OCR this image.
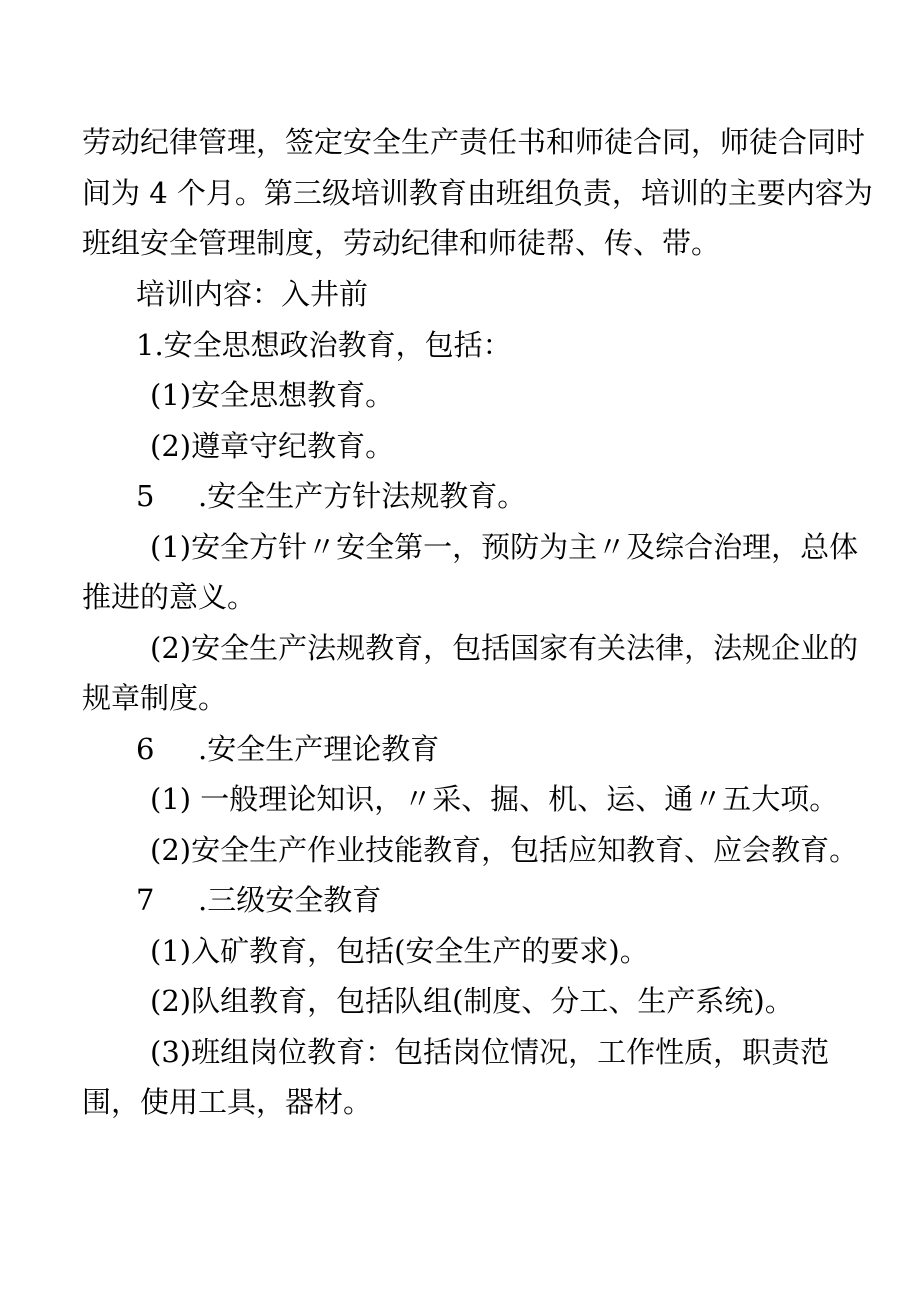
劳动纪律管理，签定安全生产责任书和师徒合同，师徒合同时
间为 4 个月。第三级培训教育由班组负责，培训的主要内容为
班组安全管理制度，劳动纪律和师徒帮、传、带。
培训内容：入井前
1.安全思想政治教育，包括：
(1)安全思想教育。
(2)遵章守纪教育。
5 .安全生产方针法规教育。
(1)安全方针〃安全第一，预防为主〃及综合治理，总体
推进的意义。
(2)安全生产法规教育，包括国家有关法律，法规企业的
规章制度。
6 .安全生产理论教育
(1) 一般理论知识，〃采、掘、机、运、通〃五大项。
(2)安全生产作业技能教育，包括应知教育、应会教育。
7 .三级安全教育
(1)入矿教育，包括(安全生产的要求)。
(2)队组教育，包括队组(制度、分工、生产系统)。
(3)班组岗位教育：包括岗位情况，工作性质，职责范
围，使用工具，器材。
